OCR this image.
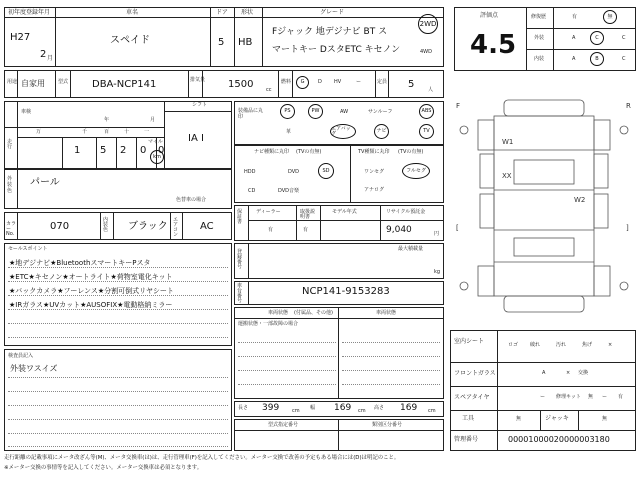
初年度登録年月
H27
2 月
車名
スペイド
ドア
5
形状
HB
グレード
Fジャック 地デジナビ BT ス
マートキー DスタETC キセノン
2WD
4WD
用途 自家用	型式 DBA-NCP141	排気量 1500	cc
燃料 G	D HV	ー	定員 5	人
評価点
4.5
修復歴	有	無
外装	A	C	C
内装	A	B	C
車検
年	月
走行
万	千	百	十	一
1 5 2 0 0
マイル
km
シフト
IA I
外装色
パール
色替車の場合
カラーNo.
070
内装色	ブラック
エアコン
AC
セールスポイント
★地デジナビ★BluetoothスマートキーPスタ
★ETC★キセノン★オートライト★荷物室電化キット
★バックカメラ★フーレンス★分割可倒式リヤシート
★IRガラス★UVカット★AUSOFIX★電動格納ミラー
検査員記入
外装ワスイズ
装備品に丸印
PS	PW	AW	サンルーフ	ABS
革
エアバッグ	ナビ	TV
ナビ種類に丸印 (TVの有無)
HDD	DVD	SD
CD	DVD音楽
TV種類に丸印 (TVの有無)
ワンセグ	フルセグ
アナログ
保証書
ディーラー
有
取扱説明書
有
モデル年式	リサイクル預託金
9,040	円
登録番号
最大積載量
kg
車台番号
NCP141-9153283
車両状態 (付属品、その他)
運搬状態・一部故障の場合
車両状態
長さ 399	cm 幅 169 cm 高さ 169 cm
型式指定番号	類別区分番号
F	R
W1
XX
W2
[	]
室内シート	ロゴ 破れ	汚れ	焦げ	×
フロントガラス	A	× 交換
スペアタイヤ	ー 修理キット 無 ー 有
工具	無	ジャッキ	無
管理番号	00001000020000003180
走行距離の記載事項にメータ改ざん等(M)、メータ交換車(は)は、走行管理車(F)を記入してください。メーター交換で改善の予定もある場合には(D)は明記のこと。
※メーター交換の事情等を記入してください。メーター交換車は必須となります。
